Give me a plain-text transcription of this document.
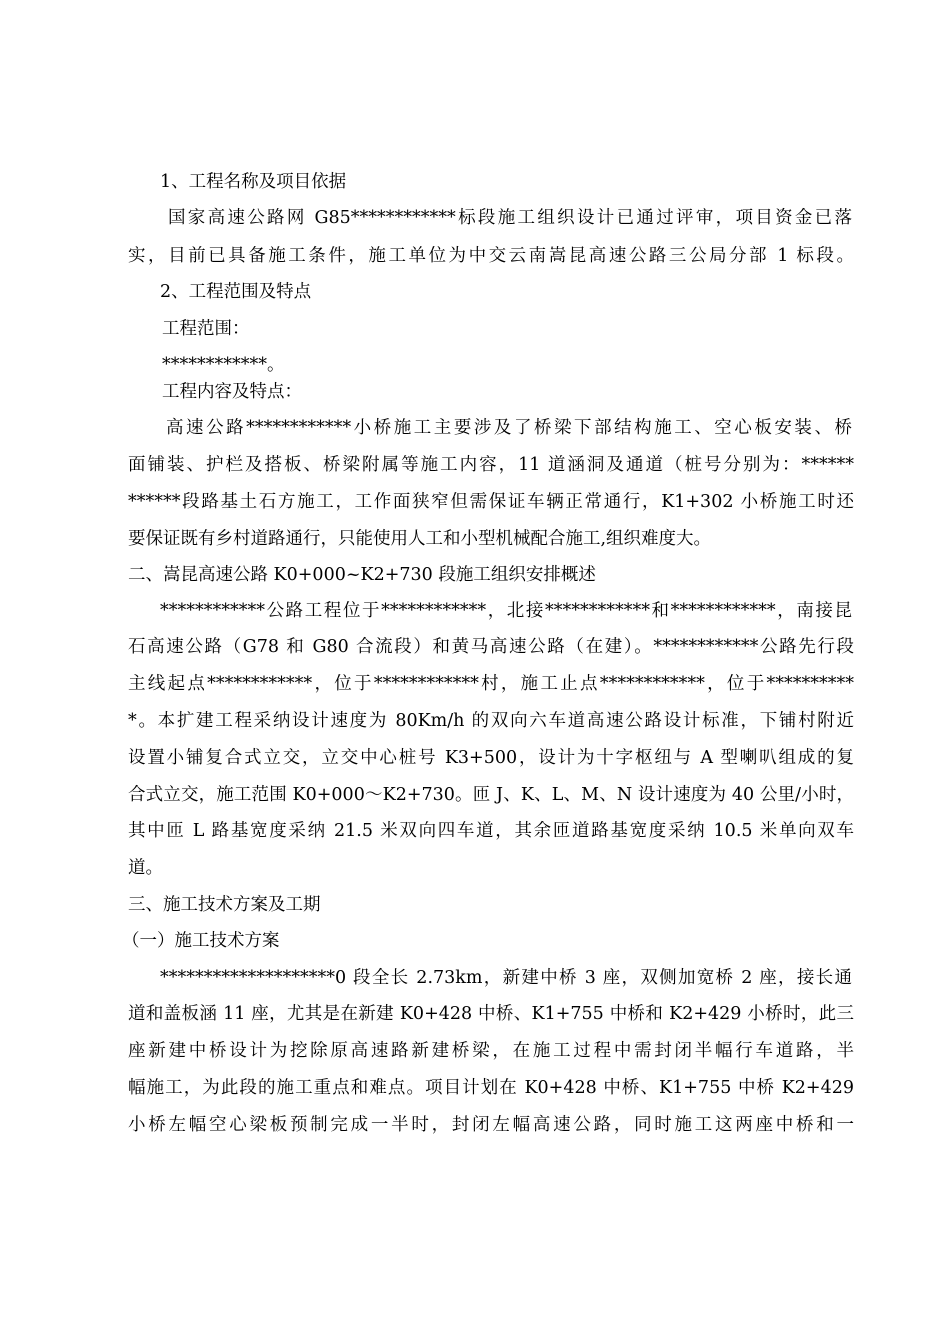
1、工程名称及项目依据
国家高速公路网 G85************标段施工组织设计已通过评审，项目资金已落
实，目前已具备施工条件，施工单位为中交云南嵩昆高速公路三公局分部 1 标段。
2、工程范围及特点
工程范围：
************。
工程内容及特点：
高速公路************小桥施工主要涉及了桥梁下部结构施工、空心板安装、桥
面铺装、护栏及搭板、桥梁附属等施工内容，11 道涵洞及通道（桩号分别为：******
******段路基土石方施工，工作面狭窄但需保证车辆正常通行，K1+302 小桥施工时还
要保证既有乡村道路通行，只能使用人工和小型机械配合施工,组织难度大。
二、嵩昆高速公路 K0+000~K2+730 段施工组织安排概述
************公路工程位于************，北接************和************，南接昆
石高速公路（G78 和 G80 合流段）和黄马高速公路（在建）。************公路先行段
主线起点************，位于************村，施工止点************，位于**********
*。本扩建工程采纳设计速度为 80Km/h 的双向六车道高速公路设计标准，下铺村附近
设置小铺复合式立交，立交中心桩号 K3+500，设计为十字枢纽与 A 型喇叭组成的复
合式立交，施工范围 K0+000～K2+730。匝 J、K、L、M、N 设计速度为 40 公里/小时，
其中匝 L 路基宽度采纳 21.5 米双向四车道，其余匝道路基宽度采纳 10.5 米单向双车
道。
三、施工技术方案及工期
（一）施工技术方案
********************0 段全长 2.73km，新建中桥 3 座，双侧加宽桥 2 座，接长通
道和盖板涵 11 座，尤其是在新建 K0+428 中桥、K1+755 中桥和 K2+429 小桥时，此三
座新建中桥设计为挖除原高速路新建桥梁，在施工过程中需封闭半幅行车道路，半
幅施工，为此段的施工重点和难点。项目计划在 K0+428 中桥、K1+755 中桥 K2+429
小桥左幅空心梁板预制完成一半时，封闭左幅高速公路，同时施工这两座中桥和一
